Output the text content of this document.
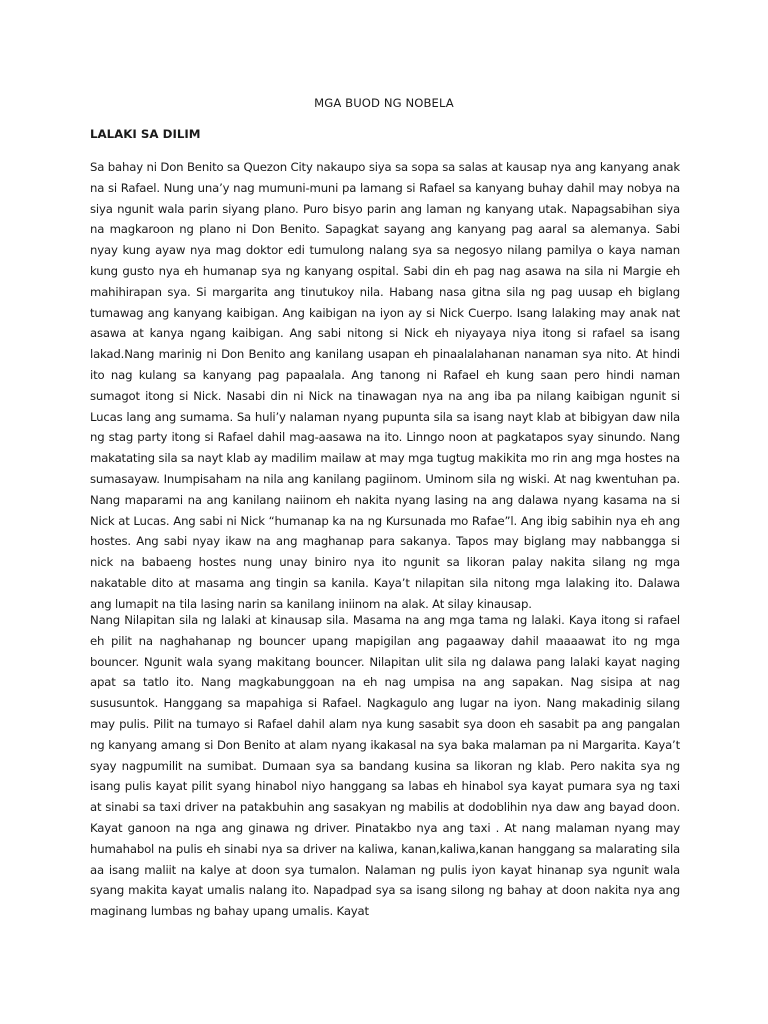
MGA BUOD NG NOBELA
LALAKI SA DILIM

Sa bahay ni Don Benito sa Quezon City nakaupo siya sa sopa sa salas at kausap nya ang kanyang anak na si Rafael. Nung una’y nag mumuni-muni pa lamang si Rafael sa kanyang buhay dahil may nobya na siya ngunit wala parin siyang plano. Puro bisyo parin ang laman ng kanyang utak. Napagsabihan siya na magkaroon ng plano ni Don Benito. Sapagkat sayang ang kanyang pag aaral sa alemanya. Sabi nyay kung ayaw nya mag doktor edi tumulong nalang sya sa negosyo nilang pamilya o kaya naman kung gusto nya eh humanap sya ng kanyang ospital. Sabi din eh pag nag asawa na sila ni Margie eh mahihirapan sya. Si margarita ang tinutukoy nila. Habang nasa gitna sila ng pag uusap eh biglang tumawag ang kanyang kaibigan. Ang kaibigan na iyon ay si Nick Cuerpo. Isang lalaking may anak nat asawa at kanya ngang kaibigan. Ang sabi nitong si Nick eh niyayaya niya itong si rafael sa isang lakad.Nang marinig ni Don Benito ang kanilang usapan eh pinaalalahanan nanaman sya nito. At hindi ito nag kulang sa kanyang pag papaalala. Ang tanong ni Rafael eh kung saan pero hindi naman sumagot itong si Nick. Nasabi din ni Nick na tinawagan nya na ang iba pa nilang kaibigan ngunit si Lucas lang ang sumama. Sa huli’y nalaman nyang pupunta sila sa isang nayt klab at bibigyan daw nila ng stag party itong si Rafael dahil mag-aasawa na ito. Linngo noon at pagkatapos syay sinundo. Nang makatating sila sa nayt klab ay madilim mailaw at may mga tugtug makikita mo rin ang mga hostes na sumasayaw. Inumpisaham na nila ang kanilang pagiinom. Uminom sila ng wiski. At nag kwentuhan pa. Nang maparami na ang kanilang naiinom eh nakita nyang lasing na ang dalawa nyang kasama na si Nick at Lucas. Ang sabi ni Nick “humanap ka na ng Kursunada mo Rafae”l. Ang ibig sabihin nya eh ang hostes. Ang sabi nyay ikaw na ang maghanap para sakanya. Tapos may biglang may nabbangga si nick na babaeng hostes nung unay biniro nya ito ngunit sa likoran palay nakita silang ng mga nakatable dito at masama ang tingin sa kanila. Kaya’t nilapitan sila nitong mga lalaking ito. Dalawa ang lumapit na tila lasing narin sa kanilang iniinom na alak. At silay kinausap.

Nang Nilapitan sila ng lalaki at kinausap sila. Masama na ang mga tama ng lalaki. Kaya itong si rafael eh pilit na naghahanap ng bouncer upang mapigilan ang pagaaway dahil maaaawat ito ng mga bouncer. Ngunit wala syang makitang bouncer. Nilapitan ulit sila ng dalawa pang lalaki kayat naging apat sa tatlo ito. Nang magkabunggoan na eh nag umpisa na ang sapakan. Nag sisipa at nag sususuntok. Hanggang sa mapahiga si Rafael. Nagkagulo ang lugar na iyon. Nang makadinig silang may pulis. Pilit na tumayo si Rafael dahil alam nya kung sasabit sya doon eh sasabit pa ang pangalan ng kanyang amang si Don Benito at alam nyang ikakasal na sya baka malaman pa ni Margarita. Kaya’t syay nagpumilit na sumibat. Dumaan sya sa bandang kusina sa likoran ng klab. Pero nakita sya ng isang pulis kayat pilit syang hinabol niyo hanggang sa labas eh hinabol sya kayat pumara sya ng taxi at sinabi sa taxi driver na patakbuhin ang sasakyan ng mabilis at dodoblihin nya daw ang bayad doon. Kayat ganoon na nga ang ginawa ng driver. Pinatakbo nya ang taxi . At nang malaman nyang may humahabol na pulis eh sinabi nya sa driver na kaliwa, kanan,kaliwa,kanan hanggang sa malarating sila aa isang maliit na kalye at doon sya tumalon. Nalaman ng pulis iyon kayat hinanap sya ngunit wala syang makita kayat umalis nalang ito. Napadpad sya sa isang silong ng bahay at doon nakita nya ang maginang lumbas ng bahay upang umalis. Kayat
